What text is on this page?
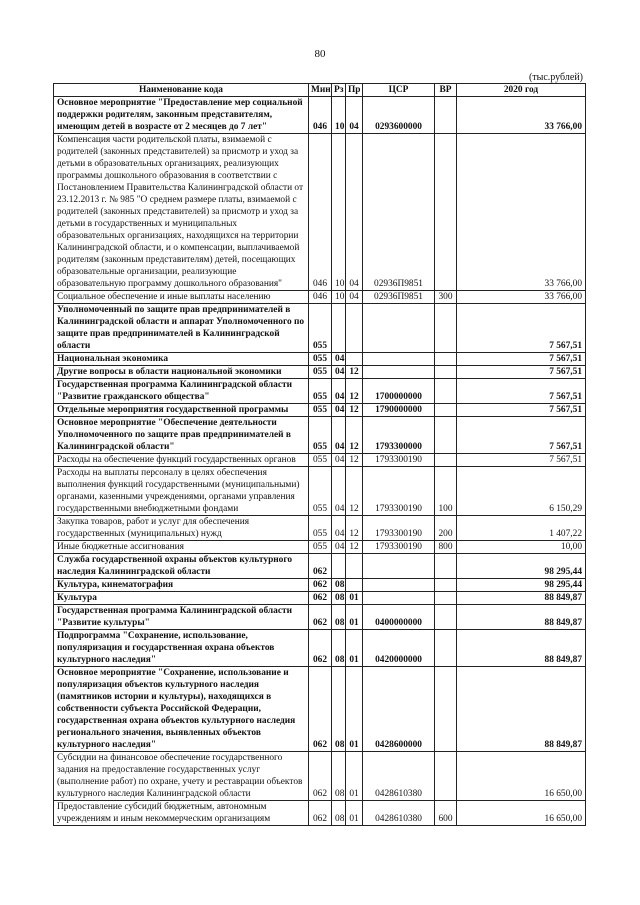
80
(тыс.рублей)
Наименование кода	Мин	Рз	Пр	ЦСР	ВР	2020 год
Основное мероприятие "Предоставление мер социальной поддержки родителям, законным представителям, имеющим детей в возрасте от 2 месяцев до 7 лет"	046	10	04	0293600000		33 766,00
Компенсация части родительской платы, взимаемой с родителей (законных представителей) за присмотр и уход за детьми в образовательных организациях, реализующих программы дошкольного образования в соответствии с Постановлением Правительства Калининградской области от 23.12.2013 г. № 985 "О среднем размере платы, взимаемой с родителей (законных представителей) за присмотр и уход за детьми в государственных и муниципальных образовательных организациях, находящихся на территории Калининградской области, и о компенсации, выплачиваемой родителям (законным представителям) детей, посещающих образовательные организации, реализующие образовательную программу дошкольного образования"	046	10	04	02936П9851		33 766,00
Социальное обеспечение и иные выплаты населению	046	10	04	02936П9851	300	33 766,00
Уполномоченный по защите прав предпринимателей в Калининградской области и аппарат Уполномоченного по защите прав предпринимателей в Калининградской области	055					7 567,51
Национальная экономика	055	04				7 567,51
Другие вопросы в области национальной экономики	055	04	12			7 567,51
Государственная программа Калининградской области "Развитие гражданского общества"	055	04	12	1700000000		7 567,51
Отдельные мероприятия государственной программы	055	04	12	1790000000		7 567,51
Основное мероприятие "Обеспечение деятельности Уполномоченного по защите прав предпринимателей в Калининградской области"	055	04	12	1793300000		7 567,51
Расходы на обеспечение функций государственных органов	055	04	12	1793300190		7 567,51
Расходы на выплаты персоналу в целях обеспечения выполнения функций государственными (муниципальными) органами, казенными учреждениями, органами управления государственными внебюджетными фондами	055	04	12	1793300190	100	6 150,29
Закупка товаров, работ и услуг для обеспечения государственных (муниципальных) нужд	055	04	12	1793300190	200	1 407,22
Иные бюджетные ассигнования	055	04	12	1793300190	800	10,00
Служба государственной охраны объектов культурного наследия Калининградской области	062					98 295,44
Культура, кинематография	062	08				98 295,44
Культура	062	08	01			88 849,87
Государственная программа Калининградской области "Развитие культуры"	062	08	01	0400000000		88 849,87
Подпрограмма "Сохранение, использование, популяризация и государственная охрана объектов культурного наследия"	062	08	01	0420000000		88 849,87
Основное мероприятие "Сохранение, использование и популяризация объектов культурного наследия (памятников истории и культуры), находящихся в собственности субъекта Российской Федерации, государственная охрана объектов культурного наследия регионального значения, выявленных объектов культурного наследия"	062	08	01	0428600000		88 849,87
Субсидии на финансовое обеспечение государственного задания на предоставление государственных услуг (выполнение работ) по охране, учету и реставрации объектов культурного наследия Калининградской области	062	08	01	0428610380		16 650,00
Предоставление субсидий бюджетным, автономным учреждениям и иным некоммерческим организациям	062	08	01	0428610380	600	16 650,00
